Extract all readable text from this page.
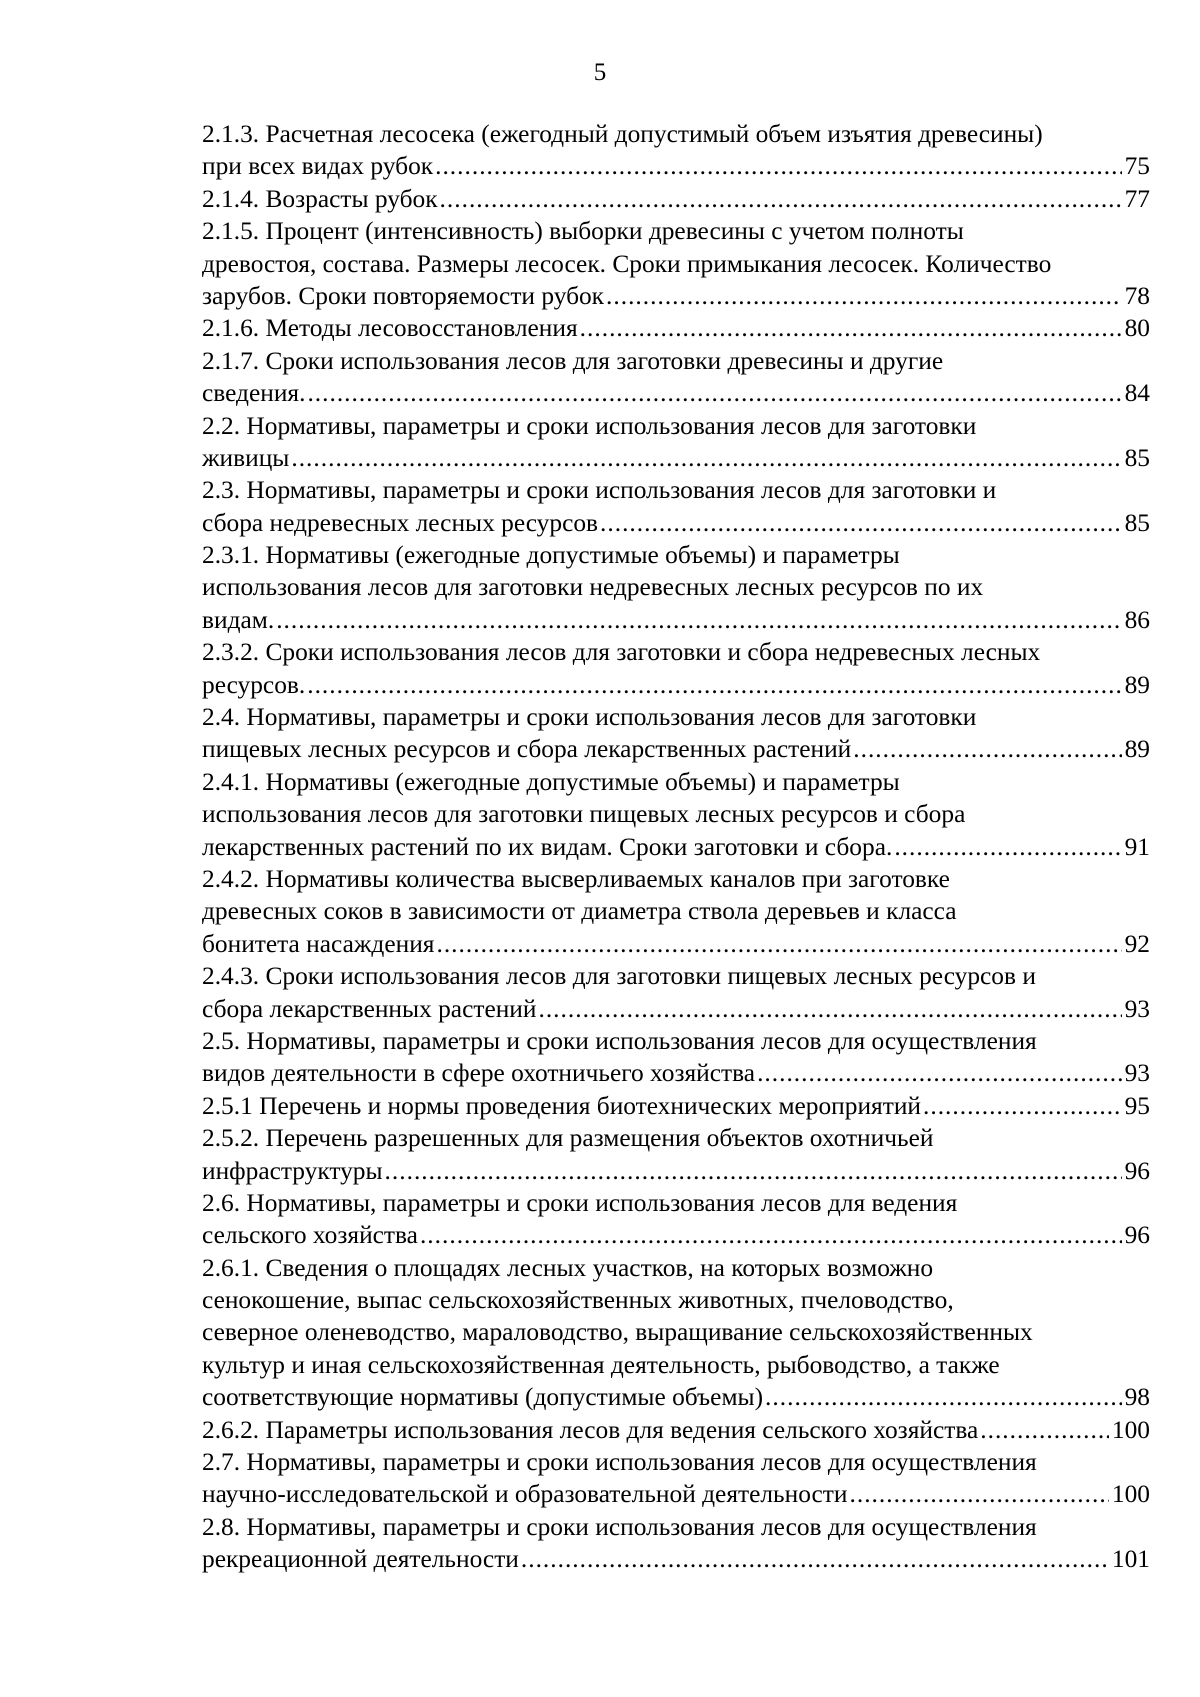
5
2.1.3. Расчетная лесосека (ежегодный допустимый объем изъятия древесины)
при всех видах рубок .....	75
2.1.4. Возрасты рубок .....	77
2.1.5. Процент (интенсивность) выборки древесины с учетом полноты
древостоя, состава. Размеры лесосек. Сроки примыкания лесосек. Количество
зарубов. Сроки повторяемости рубок .....	78
2.1.6. Методы лесовосстановления .....	80
2.1.7. Сроки использования лесов для заготовки древесины и другие
сведения. .....	84
2.2. Нормативы, параметры и сроки использования лесов для заготовки
живицы .....	85
2.3. Нормативы, параметры и сроки использования лесов для заготовки и
сбора недревесных лесных ресурсов .....	85
2.3.1. Нормативы (ежегодные допустимые объемы) и параметры
использования лесов для заготовки недревесных лесных ресурсов по их
видам. .....	86
2.3.2. Сроки использования лесов для заготовки и сбора недревесных лесных
ресурсов. .....	89
2.4. Нормативы, параметры и сроки использования лесов для заготовки
пищевых лесных ресурсов и сбора лекарственных растений .....	89
2.4.1. Нормативы (ежегодные допустимые объемы) и параметры
использования лесов для заготовки пищевых лесных ресурсов и сбора
лекарственных растений по их видам. Сроки заготовки и сбора. .....	91
2.4.2. Нормативы количества высверливаемых каналов при заготовке
древесных соков в зависимости от диаметра ствола деревьев и класса
бонитета насаждения .....	92
2.4.3. Сроки использования лесов для заготовки пищевых лесных ресурсов и
сбора лекарственных растений .....	93
2.5. Нормативы, параметры и сроки использования лесов для осуществления
видов деятельности в сфере охотничьего хозяйства .....	93
2.5.1 Перечень и нормы проведения биотехнических мероприятий .....	95
2.5.2. Перечень разрешенных для размещения объектов охотничьей
инфраструктуры .....	96
2.6. Нормативы, параметры и сроки использования лесов для ведения
сельского хозяйства .....	96
2.6.1. Сведения о площадях лесных участков, на которых возможно
сенокошение, выпас сельскохозяйственных животных, пчеловодство,
северное оленеводство, мараловодство, выращивание сельскохозяйственных
культур и иная сельскохозяйственная деятельность, рыбоводство, а также
соответствующие нормативы (допустимые объемы) .....	98
2.6.2. Параметры использования лесов для ведения сельского хозяйства .....	100
2.7. Нормативы, параметры и сроки использования лесов для осуществления
научно-исследовательской и образовательной деятельности .....	100
2.8. Нормативы, параметры и сроки использования лесов для осуществления
рекреационной деятельности .....	101
